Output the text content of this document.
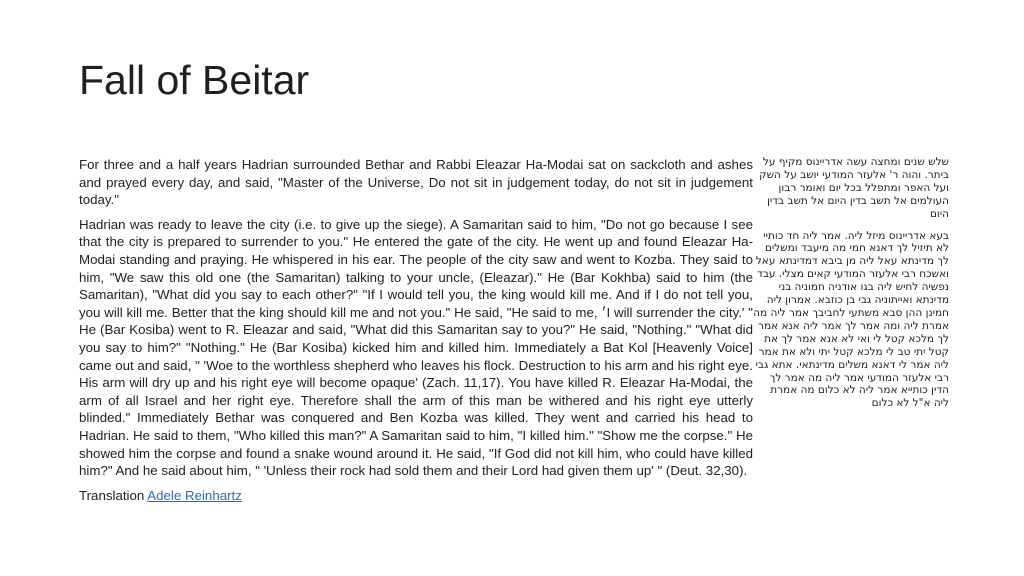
Fall of Beitar

For three and a half years Hadrian surrounded Bethar and Rabbi Eleazar Ha-Modai sat on sackcloth and ashes and prayed every day, and said, "Master of the Universe, Do not sit in judgement today, do not sit in judgement today."

Hadrian was ready to leave the city (i.e. to give up the siege). A Samaritan said to him, "Do not go because I see that the city is prepared to surrender to you." He entered the gate of the city. He went up and found Eleazar Ha-Modai standing and praying. He whispered in his ear. The people of the city saw and went to Kozba. They said to him, "We saw this old one (the Samaritan) talking to your uncle, (Eleazar)." He (Bar Kokhba) said to him (the Samaritan), "What did you say to each other?" "If I would tell you, the king would kill me. And if I do not tell you, you will kill me. Better that the king should kill me and not you." He said, "He said to me, ׳I will surrender the city.' " He (Bar Kosiba) went to R. Eleazar and said, "What did this Samaritan say to you?" He said, "Nothing." "What did you say to him?" "Nothing." He (Bar Kosiba) kicked him and killed him. Immediately a Bat Kol [Heavenly Voice] came out and said, " 'Woe to the worthless shepherd who leaves his flock. Destruction to his arm and his right eye. His arm will dry up and his right eye will become opaque' (Zach. 11,17). You have killed R. Eleazar Ha-Modai, the arm of all Israel and her right eye. Therefore shall the arm of this man be withered and his right eye utterly blinded." Immediately Bethar was conquered and Ben Kozba was killed. They went and carried his head to Hadrian. He said to them, "Who killed this man?" A Samaritan said to him, "I killed him." "Show me the corpse." He showed him the corpse and found a snake wound around it. He said, "If God did not kill him, who could have killed him?" And he said about him, " 'Unless their rock had sold them and their Lord had given them up' " (Deut. 32,30).

Translation Adele Reinhartz

שלש שנים ומחצה עשה אדריינוס מקיף על ביתר. והוה ר' אלעזר המודעי יושב על השק ועל האפר ומתפלל בכל יום ואומר רבון העולמים אל תשב בדין היום אל תשב בדין היום

בעא אדריינוס מיזל ליה. אמר ליה חד כותיי לא תיזיל לך דאנא חמי מה מיעבד ומשלים לך מדינתא עאל ליה מן ביבא דמדינתא עאל ואשכח רבי אלעזר המודעי קאים מצלי. עבד נפשיה לחיש ליה בגו אודניה חמוניה בני מדינתא ואייתוניה גבי בן כוזבא. אמרון ליה חמינן ההן סבא משתעי לחביבך אמר ליה מה אמרת ליה ומה אמר לך אמר ליה אנא אמר לך מלכא קטל לי ואי לא אנא אמר לך את קטל יתי טב לי מלכא קטל יתי ולא את אמר ליה אמר לי דאנא משלים מדינתאי. אתא גבי רבי אלעזר המודעי אמר ליה מה אמר לך הדין כותייא אמר ליה לא כלום מה אמרת ליה א"ל לא כלום
